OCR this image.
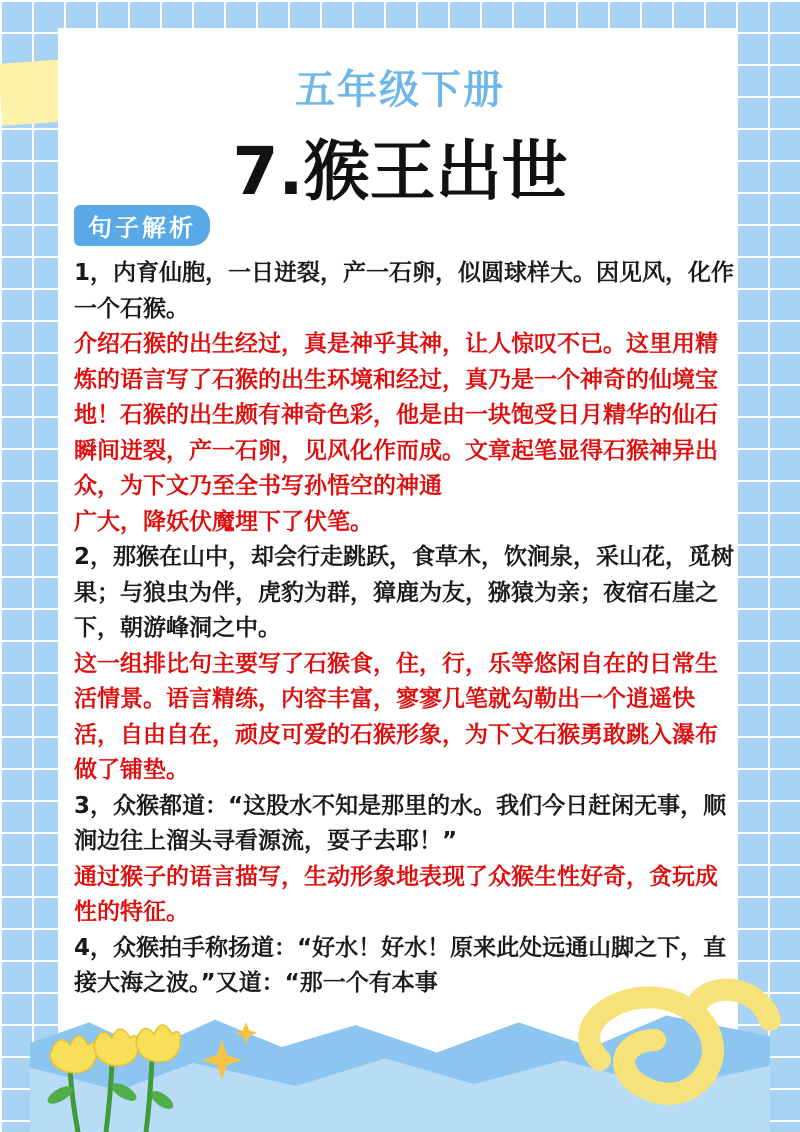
五年级下册
7.猴王出世
句子解析

1，内育仙胞，一日迸裂，产一石卵，似圆球样大。因见风，化作一个石猴。

介绍石猴的出生经过，真是神乎其神，让人惊叹不已。这里用精炼的语言写了石猴的出生环境和经过，真乃是一个神奇的仙境宝地！石猴的出生颇有神奇色彩，他是由一块饱受日月精华的仙石瞬间迸裂，产一石卵，见风化作而成。文章起笔显得石猴神异出众，为下文乃至全书写孙悟空的神通

广大，降妖伏魔埋下了伏笔。

2，那猴在山中，却会行走跳跃，食草木，饮涧泉，采山花，觅树果；与狼虫为伴，虎豹为群，獐鹿为友，猕猿为亲；夜宿石崖之下，朝游峰洞之中。

这一组排比句主要写了石猴食，住，行，乐等悠闲自在的日常生活情景。语言精练，内容丰富，寥寥几笔就勾勒出一个逍遥快活，自由自在，顽皮可爱的石猴形象，为下文石猴勇敢跳入瀑布做了铺垫。

3，众猴都道：“这股水不知是那里的水。我们今日赶闲无事，顺涧边往上溜头寻看源流，耍子去耶！”

通过猴子的语言描写，生动形象地表现了众猴生性好奇，贪玩成性的特征。

4，众猴拍手称扬道：“好水！好水！原来此处远通山脚之下，直接大海之波。”又道：“那一个有本事
